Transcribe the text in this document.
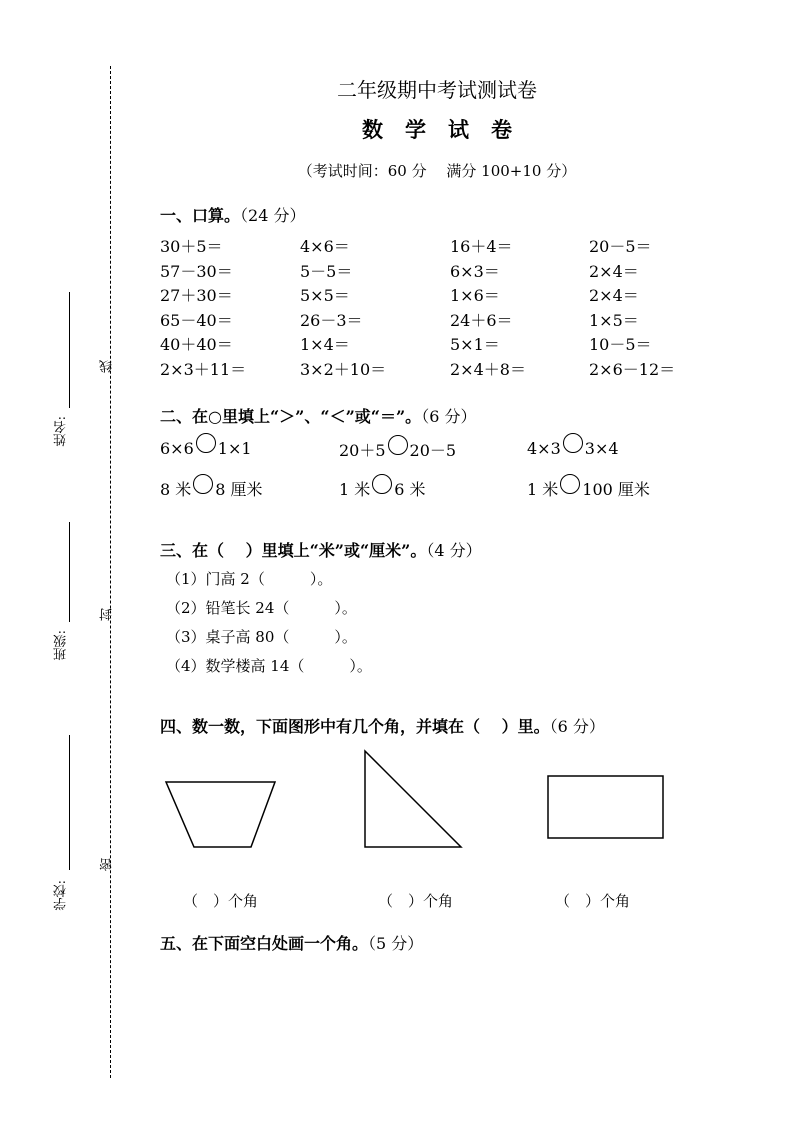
姓名:
班级:
学校:
线
封
密
二年级期中考试测试卷
数学试卷
（考试时间：60 分　 满分 100+10 分）
一、口算。（24 分）
30＋5＝	4×6＝	16＋4＝	20－5＝
57－30＝	5－5＝	6×3＝	2×4＝
27＋30＝	5×5＝	1×6＝	2×4＝
65－40＝	26－3＝	24＋6＝	1×5＝
40＋40＝	1×4＝	5×1＝	10－5＝
2×3＋11＝	3×2＋10＝	2×4＋8＝	2×6－12＝
二、在○里填上“＞”、“＜”或“＝”。（6 分）
6×6 1×1	20＋5 20－5	4×3 3×4
8 米 8 厘米	1 米 6 米	1 米 100 厘米
三、在（　 ）里填上“米”或“厘米”。（4 分）
（1）门高 2（　　　）。
（2）铅笔长 24（　　　）。
（3）桌子高 80（　　　）。
（4）数学楼高 14（　　　）。
四、数一数，下面图形中有几个角，并填在（　 ）里。（6 分）
（　）个角	（　）个角	（　）个角
五、在下面空白处画一个角。（5 分）
